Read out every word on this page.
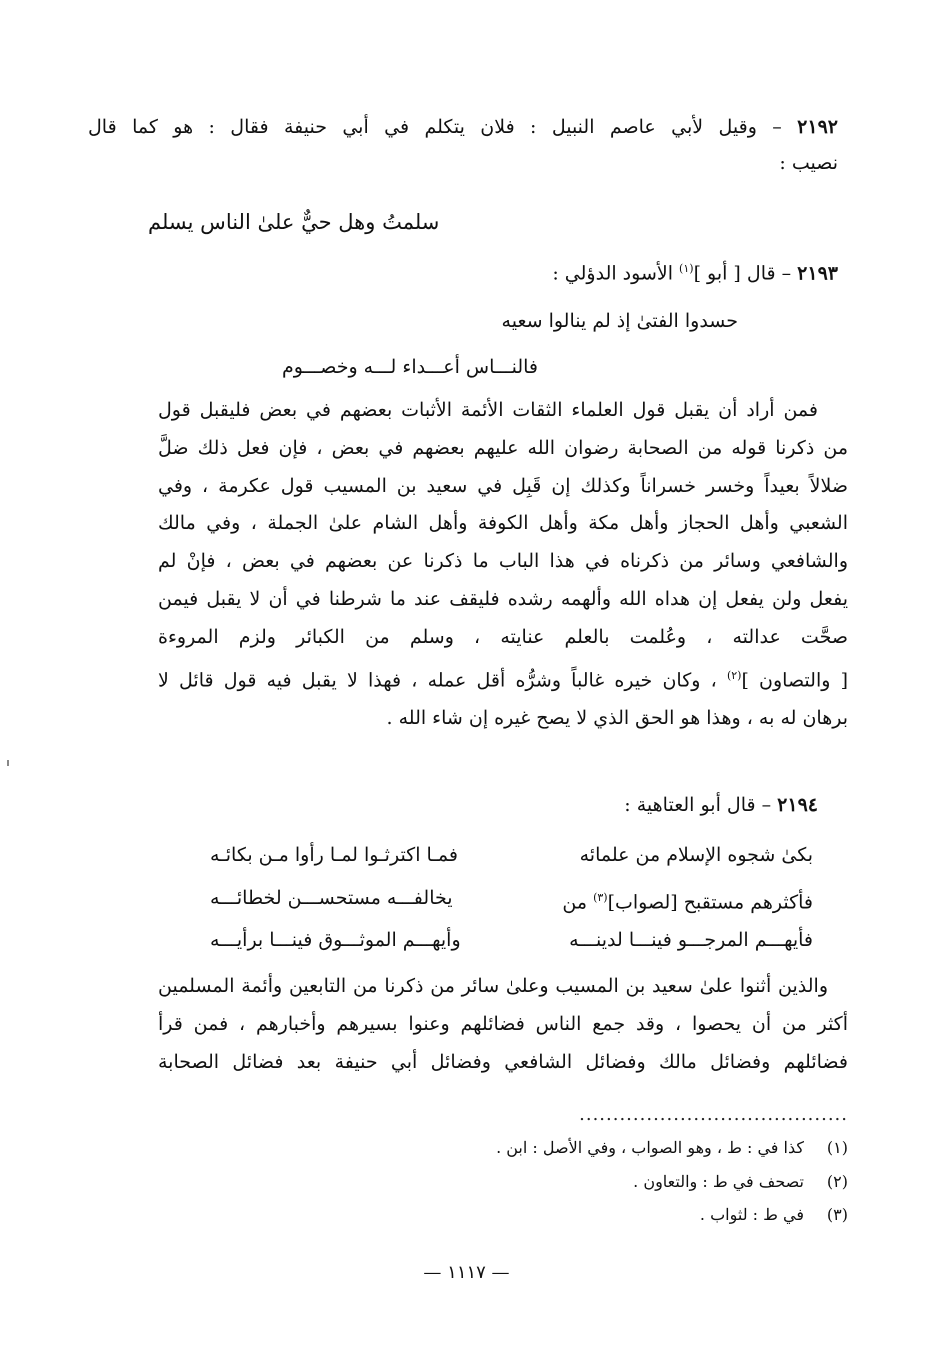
٢١٩٢ – وقيل لأبي عاصم النبيل : فلان يتكلم في أبي حنيفة فقال : هو كما قال
نصيب :
سلمتُ وهل حيٌّ علىٰ الناس يسلم
٢١٩٣ – قال [ أبو ]$^{(١)}$ الأسود الدؤلي :
حسدوا الفتىٰ إذ لم ينالوا سعيه
فالنـــاس أعـــداء لـــه وخصـــوم

فمن أراد أن يقبل قول العلماء الثقات الأئمة الأثبات بعضهم في بعض فليقبل قول

من ذكرنا قوله من الصحابة رضوان الله عليهم بعضهم في بعض ، فإن فعل ذلك ضلَّ

ضلالاً بعيداً وخسر خسراناً وكذلك إن قَبِل في سعيد بن المسيب قول عكرمة ، وفي

الشعبي وأهل الحجاز وأهل مكة وأهل الكوفة وأهل الشام علىٰ الجملة ، وفي مالك

والشافعي وسائر من ذكرناه في هذا الباب ما ذكرنا عن بعضهم في بعض ، فإنْ لم

يفعل ولن يفعل إن هداه الله وألهمه رشده فليقف عند ما شرطنا في أن لا يقبل فيمن

صحَّت عدالته ، وعُلمت بالعلم عنايته ، وسلم من الكبائر ولزم المروءة

[ والتصاون ]$^{(٢)}$ ، وكان خيره غالباً وشرُّه أقل عمله ، فهذا لا يقبل فيه قول قائل لا

برهان له به ، وهذا هو الحق الذي لا يصح غيره إن شاء الله .

٢١٩٤ – قال أبو العتاهية :
بكىٰ شجوه الإسلام من علمائه
فمـا اكترثـوا لمـا رأوا مـن بكائـه
فأكثرهم مستقبح [لصواب]$^{(٣)}$ من
يخالفـــه مستحســـن لخطائـــه
فأيهـــم المرجـــو فينـــا لدينـــه
وأيهـــم الموثـــوق فينـــا برأيـــه

والذين أثنوا علىٰ سعيد بن المسيب وعلىٰ سائر من ذكرنا من التابعين وأئمة المسلمين

أكثر من أن يحصوا ، وقد جمع الناس فضائلهم وعنوا بسيرهم وأخبارهم ، فمن قرأ

فضائلهم وفضائل مالك وفضائل الشافعي وفضائل أبي حنيفة بعد فضائل الصحابة

........................................
(١)
كذا في : ط ، وهو الصواب ، وفي الأصل : ابن .
(٢)
تصحف في ط : والتعاون .
(٣)
في ط : لثواب .
— ١١١٧ —
